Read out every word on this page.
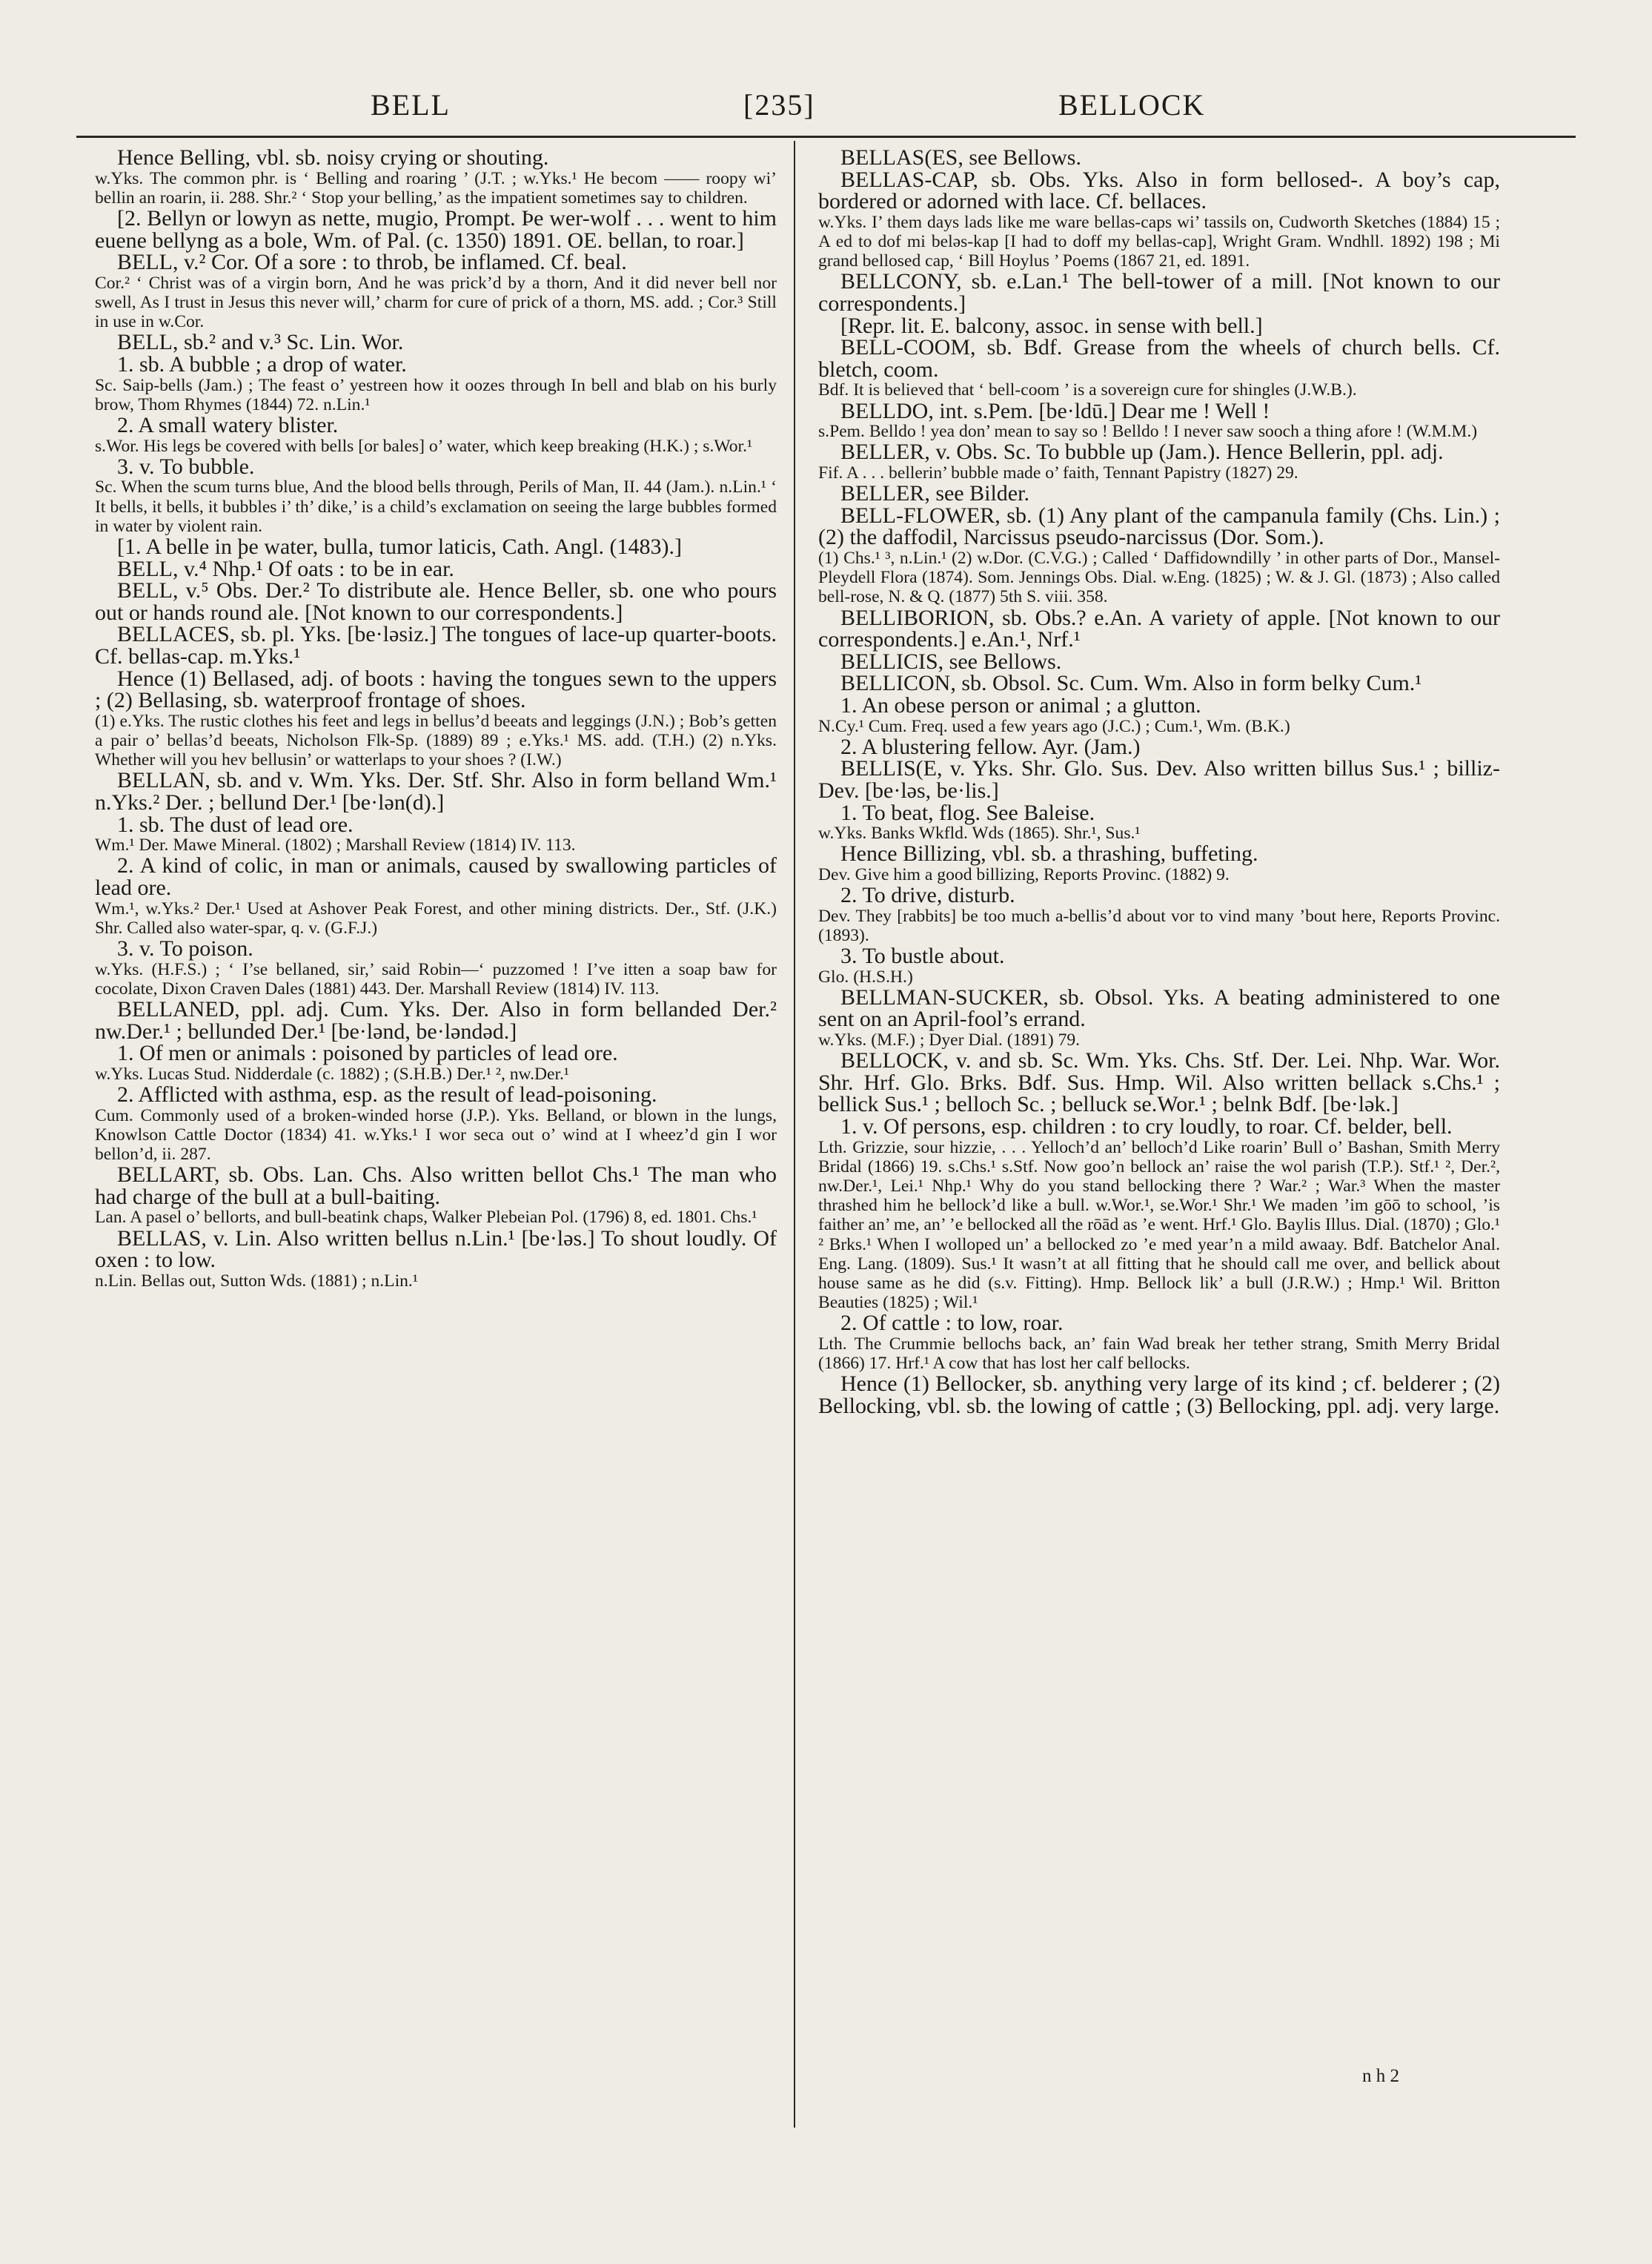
BELL	[235]	BELLOCK

Hence Belling, vbl. sb. noisy crying or shouting.

w.Yks. The common phr. is ‘ Belling and roaring ’ (J.T. ; w.Yks.¹ He becom —— roopy wi’ bellin an roarin, ii. 288. Shr.² ‘ Stop your belling,’ as the impatient sometimes say to children.

[2. Bellyn or lowyn as nette, mugio, Prompt. Þe wer-wolf . . . went to him euene bellyng as a bole, Wm. of Pal. (c. 1350) 1891. OE. bellan, to roar.]

BELL, v.² Cor. Of a sore : to throb, be inflamed. Cf. beal.

Cor.² ‘ Christ was of a virgin born, And he was prick’d by a thorn, And it did never bell nor swell, As I trust in Jesus this never will,’ charm for cure of prick of a thorn, MS. add. ; Cor.³ Still in use in w.Cor.

BELL, sb.² and v.³ Sc. Lin. Wor.

1. sb. A bubble ; a drop of water.

Sc. Saip-bells (Jam.) ; The feast o’ yestreen how it oozes through In bell and blab on his burly brow, Thom Rhymes (1844) 72. n.Lin.¹

2. A small watery blister.

s.Wor. His legs be covered with bells [or bales] o’ water, which keep breaking (H.K.) ; s.Wor.¹

3. v. To bubble.

Sc. When the scum turns blue, And the blood bells through, Perils of Man, II. 44 (Jam.). n.Lin.¹ ‘ It bells, it bells, it bubbles i’ th’ dike,’ is a child’s exclamation on seeing the large bubbles formed in water by violent rain.

[1. A belle in þe water, bulla, tumor laticis, Cath. Angl. (1483).]

BELL, v.⁴ Nhp.¹ Of oats : to be in ear.

BELL, v.⁵ Obs. Der.² To distribute ale. Hence Beller, sb. one who pours out or hands round ale. [Not known to our correspondents.]

BELLACES, sb. pl. Yks. [be·ləsiz.] The tongues of lace-up quarter-boots. Cf. bellas-cap. m.Yks.¹

Hence (1) Bellased, adj. of boots : having the tongues sewn to the uppers ; (2) Bellasing, sb. waterproof frontage of shoes.

(1) e.Yks. The rustic clothes his feet and legs in bellus’d beeats and leggings (J.N.) ; Bob’s getten a pair o’ bellas’d beeats, Nicholson Flk-Sp. (1889) 89 ; e.Yks.¹ MS. add. (T.H.) (2) n.Yks. Whether will you hev bellusin’ or watterlaps to your shoes ? (I.W.)

BELLAN, sb. and v. Wm. Yks. Der. Stf. Shr. Also in form belland Wm.¹ n.Yks.² Der. ; bellund Der.¹ [be·lən(d).]

1. sb. The dust of lead ore.

Wm.¹ Der. Mawe Mineral. (1802) ; Marshall Review (1814) IV. 113.

2. A kind of colic, in man or animals, caused by swallowing particles of lead ore.

Wm.¹, w.Yks.² Der.¹ Used at Ashover Peak Forest, and other mining districts. Der., Stf. (J.K.) Shr. Called also water-spar, q. v. (G.F.J.)

3. v. To poison.

w.Yks. (H.F.S.) ; ‘ I’se bellaned, sir,’ said Robin—‘ puzzomed ! I’ve itten a soap baw for cocolate, Dixon Craven Dales (1881) 443. Der. Marshall Review (1814) IV. 113.

BELLANED, ppl. adj. Cum. Yks. Der. Also in form bellanded Der.² nw.Der.¹ ; bellunded Der.¹ [be·lənd, be·ləndəd.]

1. Of men or animals : poisoned by particles of lead ore.

w.Yks. Lucas Stud. Nidderdale (c. 1882) ; (S.H.B.) Der.¹ ², nw.Der.¹

2. Afflicted with asthma, esp. as the result of lead-poisoning.

Cum. Commonly used of a broken-winded horse (J.P.). Yks. Belland, or blown in the lungs, Knowlson Cattle Doctor (1834) 41. w.Yks.¹ I wor seca out o’ wind at I wheez’d gin I wor bellon’d, ii. 287.

BELLART, sb. Obs. Lan. Chs. Also written bellot Chs.¹ The man who had charge of the bull at a bull-baiting.

Lan. A pasel o’ bellorts, and bull-beatink chaps, Walker Plebeian Pol. (1796) 8, ed. 1801. Chs.¹

BELLAS, v. Lin. Also written bellus n.Lin.¹ [be·ləs.] To shout loudly. Of oxen : to low.

n.Lin. Bellas out, Sutton Wds. (1881) ; n.Lin.¹

BELLAS(ES, see Bellows.

BELLAS-CAP, sb. Obs. Yks. Also in form bellosed-. A boy’s cap, bordered or adorned with lace. Cf. bellaces.

w.Yks. I’ them days lads like me ware bellas-caps wi’ tassils on, Cudworth Sketches (1884) 15 ; A ed to dof mi beləs-kap [I had to doff my bellas-cap], Wright Gram. Wndhll. 1892) 198 ; Mi grand bellosed cap, ‘ Bill Hoylus ’ Poems (1867 21, ed. 1891.

BELLCONY, sb. e.Lan.¹ The bell-tower of a mill. [Not known to our correspondents.]

[Repr. lit. E. balcony, assoc. in sense with bell.]

BELL-COOM, sb. Bdf. Grease from the wheels of church bells. Cf. bletch, coom.

Bdf. It is believed that ‘ bell-coom ’ is a sovereign cure for shingles (J.W.B.).

BELLDO, int. s.Pem. [be·ldū.] Dear me ! Well !

s.Pem. Belldo ! yea don’ mean to say so ! Belldo ! I never saw sooch a thing afore ! (W.M.M.)

BELLER, v. Obs. Sc. To bubble up (Jam.). Hence Bellerin, ppl. adj.

Fif. A . . . bellerin’ bubble made o’ faith, Tennant Papistry (1827) 29.

BELLER, see Bilder.

BELL-FLOWER, sb. (1) Any plant of the campanula family (Chs. Lin.) ; (2) the daffodil, Narcissus pseudo-narcissus (Dor. Som.).

(1) Chs.¹ ³, n.Lin.¹ (2) w.Dor. (C.V.G.) ; Called ‘ Daffidowndilly ’ in other parts of Dor., Mansel-Pleydell Flora (1874). Som. Jennings Obs. Dial. w.Eng. (1825) ; W. & J. Gl. (1873) ; Also called bell-rose, N. & Q. (1877) 5th S. viii. 358.

BELLIBORION, sb. Obs.? e.An. A variety of apple. [Not known to our correspondents.] e.An.¹, Nrf.¹

BELLICIS, see Bellows.

BELLICON, sb. Obsol. Sc. Cum. Wm. Also in form belky Cum.¹

1. An obese person or animal ; a glutton.

N.Cy.¹ Cum. Freq. used a few years ago (J.C.) ; Cum.¹, Wm. (B.K.)

2. A blustering fellow. Ayr. (Jam.)

BELLIS(E, v. Yks. Shr. Glo. Sus. Dev. Also written billus Sus.¹ ; billiz- Dev. [be·ləs, be·lis.]

1. To beat, flog. See Baleise.

w.Yks. Banks Wkfld. Wds (1865). Shr.¹, Sus.¹

Hence Billizing, vbl. sb. a thrashing, buffeting.

Dev. Give him a good billizing, Reports Provinc. (1882) 9.

2. To drive, disturb.

Dev. They [rabbits] be too much a-bellis’d about vor to vind many ’bout here, Reports Provinc. (1893).

3. To bustle about.

Glo. (H.S.H.)

BELLMAN-SUCKER, sb. Obsol. Yks. A beating administered to one sent on an April-fool’s errand.

w.Yks. (M.F.) ; Dyer Dial. (1891) 79.

BELLOCK, v. and sb. Sc. Wm. Yks. Chs. Stf. Der. Lei. Nhp. War. Wor. Shr. Hrf. Glo. Brks. Bdf. Sus. Hmp. Wil. Also written bellack s.Chs.¹ ; bellick Sus.¹ ; belloch Sc. ; belluck se.Wor.¹ ; belnk Bdf. [be·lək.]

1. v. Of persons, esp. children : to cry loudly, to roar. Cf. belder, bell.

Lth. Grizzie, sour hizzie, . . . Yelloch’d an’ belloch’d Like roarin’ Bull o’ Bashan, Smith Merry Bridal (1866) 19. s.Chs.¹ s.Stf. Now goo’n bellock an’ raise the wol parish (T.P.). Stf.¹ ², Der.², nw.Der.¹, Lei.¹ Nhp.¹ Why do you stand bellocking there ? War.² ; War.³ When the master thrashed him he bellock’d like a bull. w.Wor.¹, se.Wor.¹ Shr.¹ We maden ’im gōō to school, ’is faither an’ me, an’ ’e bellocked all the rōād as ’e went. Hrf.¹ Glo. Baylis Illus. Dial. (1870) ; Glo.¹ ² Brks.¹ When I wolloped un’ a bellocked zo ’e med year’n a mild awaay. Bdf. Batchelor Anal. Eng. Lang. (1809). Sus.¹ It wasn’t at all fitting that he should call me over, and bellick about house same as he did (s.v. Fitting). Hmp. Bellock lik’ a bull (J.R.W.) ; Hmp.¹ Wil. Britton Beauties (1825) ; Wil.¹

2. Of cattle : to low, roar.

Lth. The Crummie bellochs back, an’ fain Wad break her tether strang, Smith Merry Bridal (1866) 17. Hrf.¹ A cow that has lost her calf bellocks.

Hence (1) Bellocker, sb. anything very large of its kind ; cf. belderer ; (2) Bellocking, vbl. sb. the lowing of cattle ; (3) Bellocking, ppl. adj. very large.

n h 2
